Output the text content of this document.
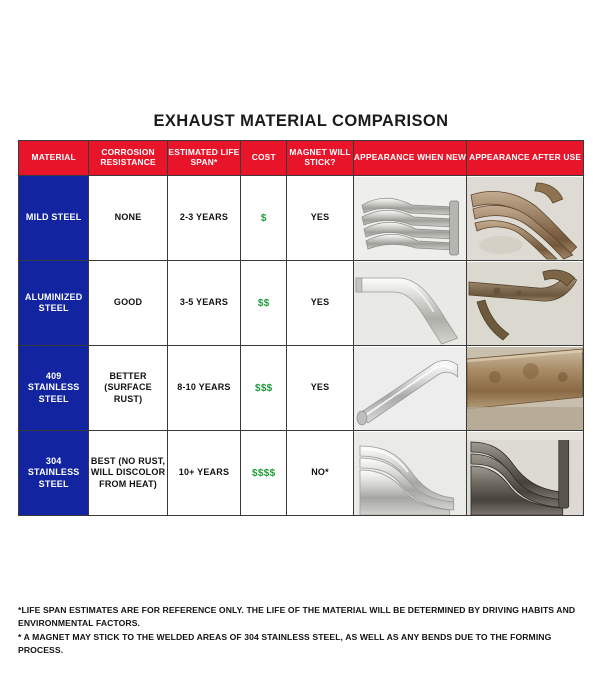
EXHAUST MATERIAL COMPARISON
MATERIAL	CORROSION RESISTANCE	ESTIMATED LIFE SPAN*	COST	MAGNET WILL STICK?	APPEARANCE WHEN NEW	APPEARANCE AFTER USE
MILD STEEL	NONE	2-3 YEARS	$	YES	

ALUMINIZED STEEL	GOOD	3-5 YEARS	$$	YES	

409 STAINLESS STEEL	BETTER (SURFACE RUST)	8-10 YEARS	$$$	YES	

304 STAINLESS STEEL	BEST (NO RUST, WILL DISCOLOR FROM HEAT)	10+ YEARS	$$$$	NO*	

*LIFE SPAN ESTIMATES ARE FOR REFERENCE ONLY. THE LIFE OF THE MATERIAL WILL BE DETERMINED BY DRIVING HABITS AND ENVIRONMENTAL FACTORS.
* A MAGNET MAY STICK TO THE WELDED AREAS OF 304 STAINLESS STEEL, AS WELL AS ANY BENDS DUE TO THE FORMING PROCESS.
